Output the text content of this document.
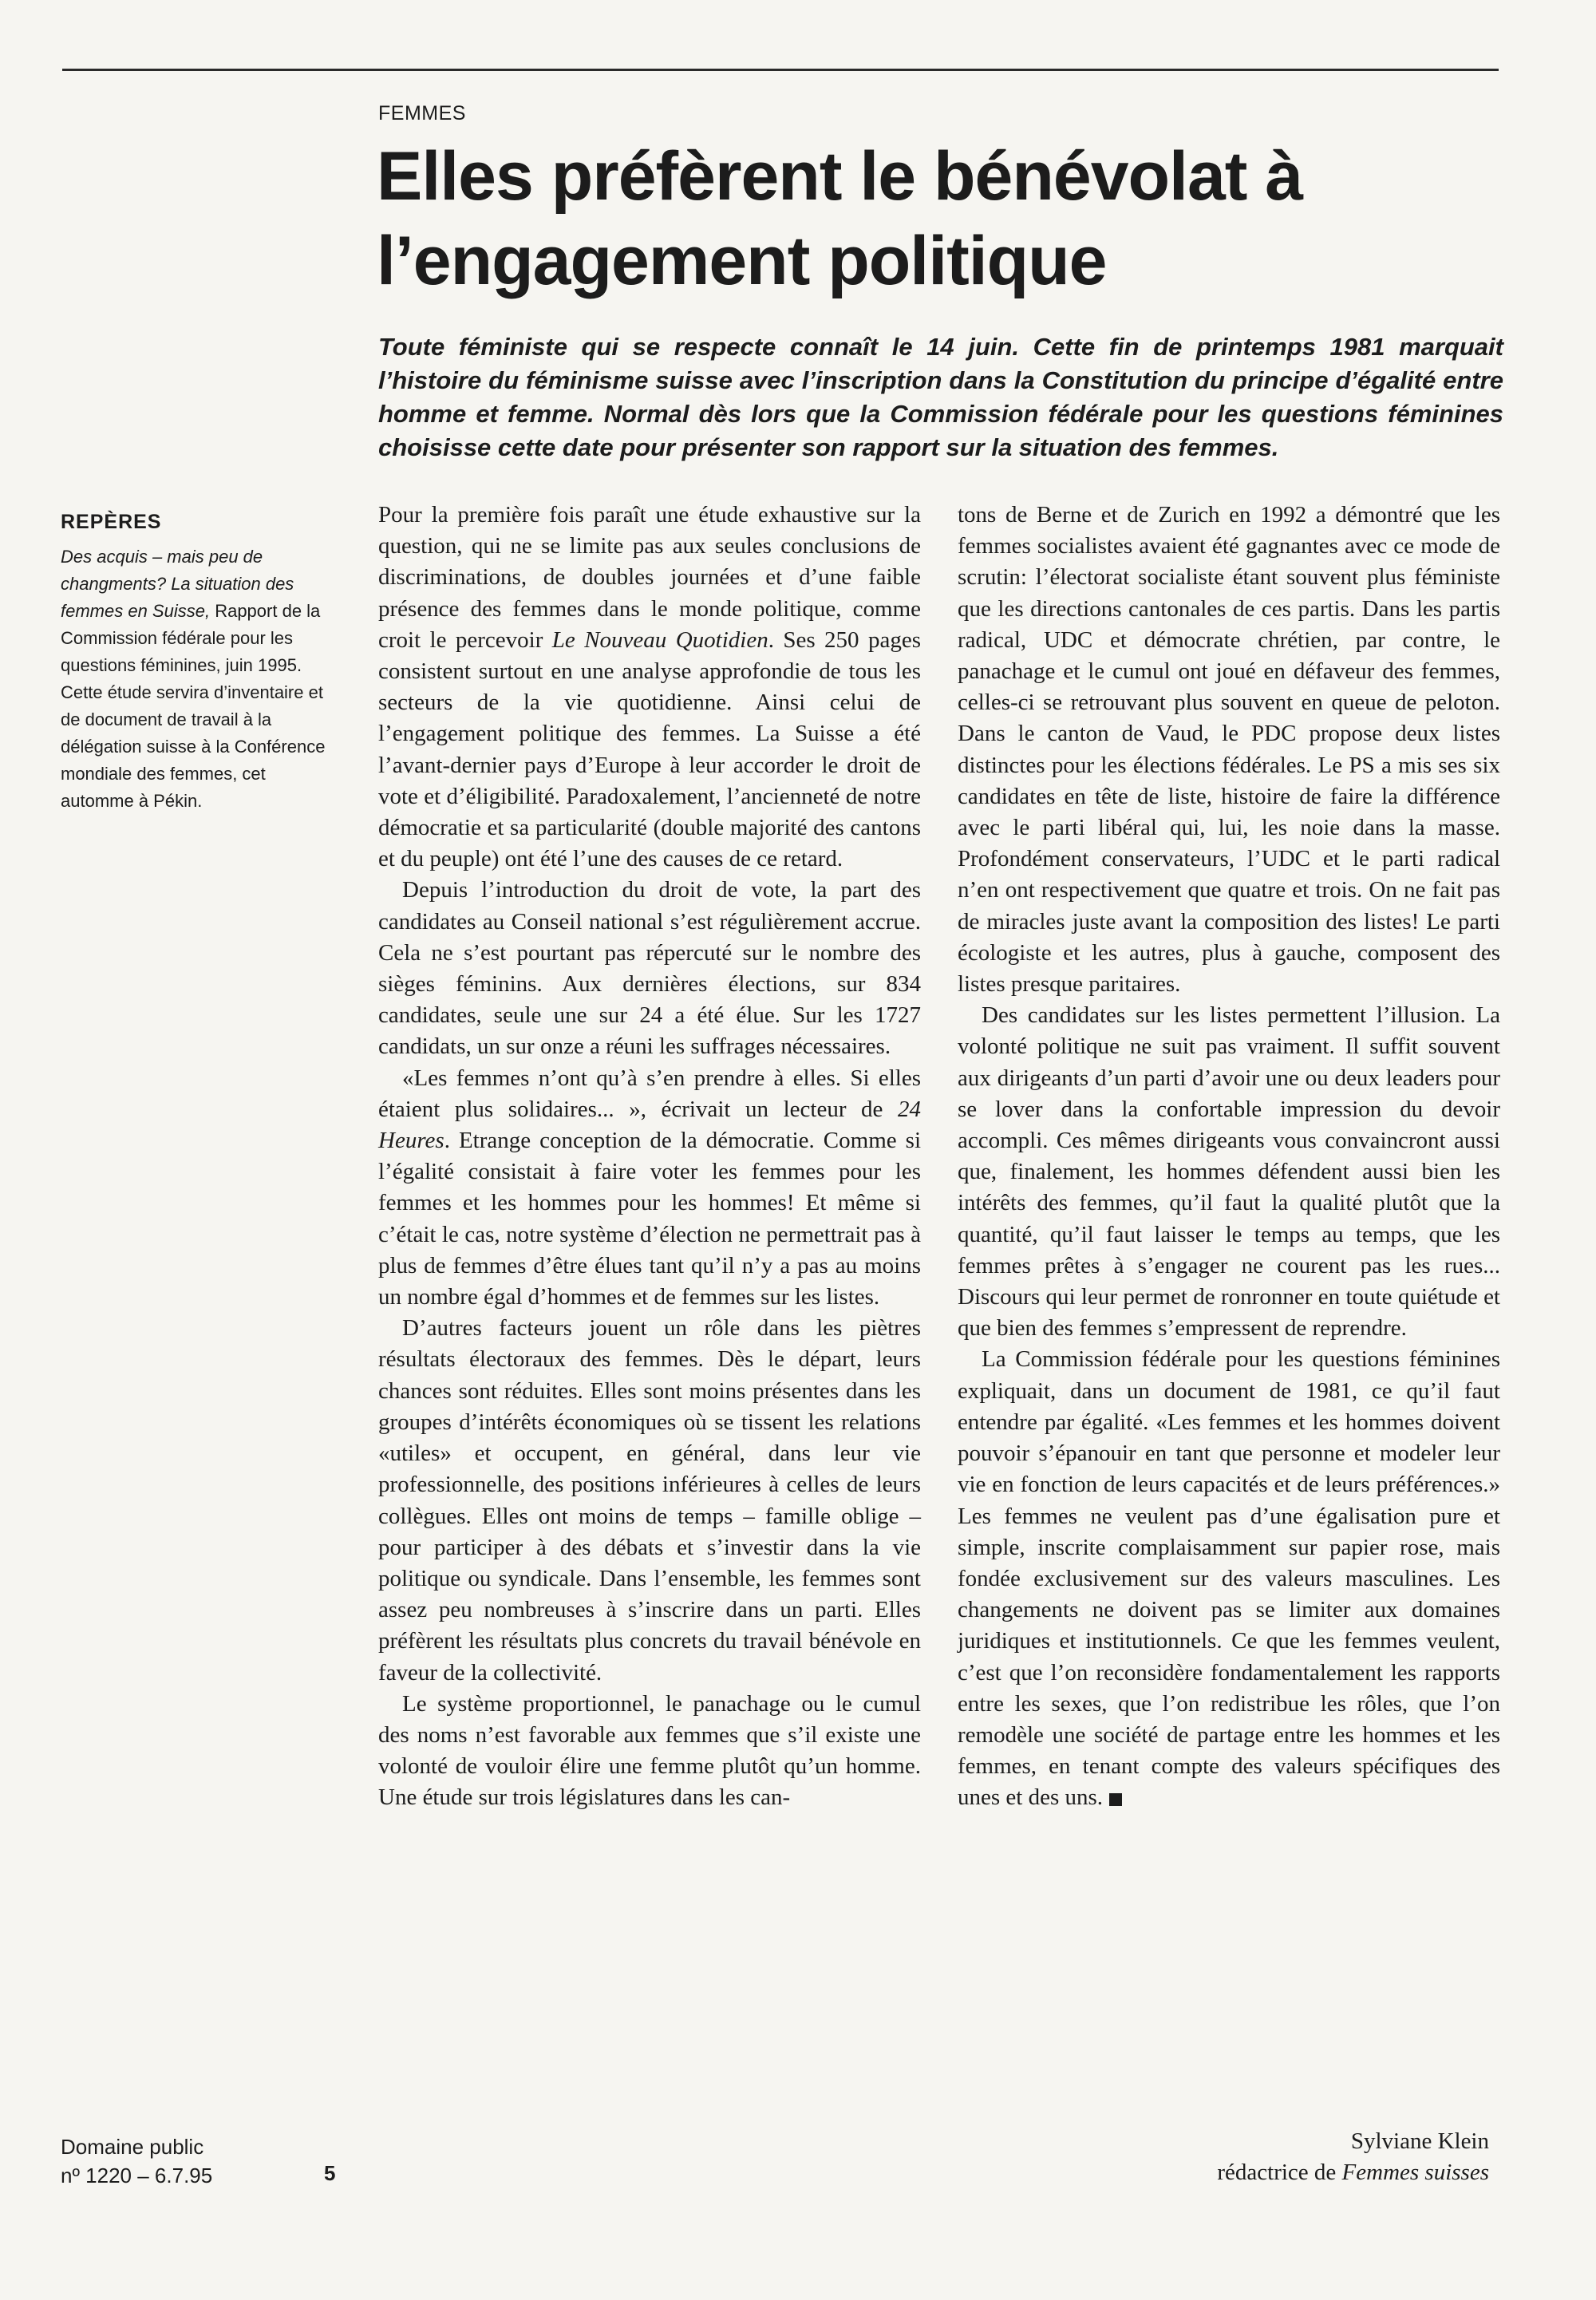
FEMMES
Elles préfèrent le bénévolat à
l’engagement politique

Toute féministe qui se respecte connaît le 14 juin. Cette fin de printemps 1981 marquait l’histoire du féminisme suisse avec l’inscription dans la Constitution du principe d’égalité entre homme et femme. Normal dès lors que la Commission fédérale pour les questions féminines choisisse cette date pour présenter son rapport sur la situation des femmes.

REPÈRES

Des acquis – mais peu de changments? La situation des femmes en Suisse, Rapport de la Commission fédérale pour les questions féminines, juin 1995. Cette étude servira d’inventaire et de document de travail à la délégation suisse à la Conférence mondiale des femmes, cet automme à Pékin.

Pour la première fois paraît une étude exhaustive sur la question, qui ne se limite pas aux seules conclusions de discriminations, de doubles journées et d’une faible présence des femmes dans le monde politique, comme croit le percevoir Le Nouveau Quotidien. Ses 250 pages consistent surtout en une analyse approfondie de tous les secteurs de la vie quotidienne. Ainsi celui de l’engagement politique des femmes. La Suisse a été l’avant-dernier pays d’Europe à leur accorder le droit de vote et d’éligibilité. Paradoxalement, l’ancienneté de notre démocratie et sa particularité (double majorité des cantons et du peuple) ont été l’une des causes de ce retard.

Depuis l’introduction du droit de vote, la part des candidates au Conseil national s’est régulièrement accrue. Cela ne s’est pourtant pas répercuté sur le nombre des sièges féminins. Aux dernières élections, sur 834 candidates, seule une sur 24 a été élue. Sur les 1727 candidats, un sur onze a réuni les suffrages nécessaires.

«Les femmes n’ont qu’à s’en prendre à elles. Si elles étaient plus solidaires... », écrivait un lecteur de 24 Heures. Etrange conception de la démocratie. Comme si l’égalité consistait à faire voter les femmes pour les femmes et les hommes pour les hommes! Et même si c’était le cas, notre système d’élection ne permettrait pas à plus de femmes d’être élues tant qu’il n’y a pas au moins un nombre égal d’hommes et de femmes sur les listes.

D’autres facteurs jouent un rôle dans les piètres résultats électoraux des femmes. Dès le départ, leurs chances sont réduites. Elles sont moins présentes dans les groupes d’intérêts économiques où se tissent les relations «utiles» et occupent, en général, dans leur vie professionnelle, des positions inférieures à celles de leurs collègues. Elles ont moins de temps – famille oblige – pour participer à des débats et s’investir dans la vie politique ou syndicale. Dans l’ensemble, les femmes sont assez peu nombreuses à s’inscrire dans un parti. Elles préfèrent les résultats plus concrets du travail bénévole en faveur de la collectivité.

Le système proportionnel, le panachage ou le cumul des noms n’est favorable aux femmes que s’il existe une volonté de vouloir élire une femme plutôt qu’un homme. Une étude sur trois législatures dans les can-

tons de Berne et de Zurich en 1992 a démontré que les femmes socialistes avaient été gagnantes avec ce mode de scrutin: l’électorat socialiste étant souvent plus féministe que les directions cantonales de ces partis. Dans les partis radical, UDC et démocrate chrétien, par contre, le panachage et le cumul ont joué en défaveur des femmes, celles-ci se retrouvant plus souvent en queue de peloton. Dans le canton de Vaud, le PDC propose deux listes distinctes pour les élections fédérales. Le PS a mis ses six candidates en tête de liste, histoire de faire la différence avec le parti libéral qui, lui, les noie dans la masse. Profondément conservateurs, l’UDC et le parti radical n’en ont respectivement que quatre et trois. On ne fait pas de miracles juste avant la composition des listes! Le parti écologiste et les autres, plus à gauche, composent des listes presque paritaires.

Des candidates sur les listes permettent l’illusion. La volonté politique ne suit pas vraiment. Il suffit souvent aux dirigeants d’un parti d’avoir une ou deux leaders pour se lover dans la confortable impression du devoir accompli. Ces mêmes dirigeants vous convaincront aussi que, finalement, les hommes défendent aussi bien les intérêts des femmes, qu’il faut la qualité plutôt que la quantité, qu’il faut laisser le temps au temps, que les femmes prêtes à s’engager ne courent pas les rues... Discours qui leur permet de ronronner en toute quiétude et que bien des femmes s’empressent de reprendre.

La Commission fédérale pour les questions féminines expliquait, dans un document de 1981, ce qu’il faut entendre par égalité. «Les femmes et les hommes doivent pouvoir s’épanouir en tant que personne et modeler leur vie en fonction de leurs capacités et de leurs préférences.» Les femmes ne veulent pas d’une égalisation pure et simple, inscrite complaisamment sur papier rose, mais fondée exclusivement sur des valeurs masculines. Les changements ne doivent pas se limiter aux domaines juridiques et institutionnels. Ce que les femmes veulent, c’est que l’on reconsidère fondamentalement les rapports entre les sexes, que l’on redistribue les rôles, que l’on remodèle une société de partage entre les hommes et les femmes, en tenant compte des valeurs spécifiques des unes et des uns.

Sylviane Klein
rédactrice de Femmes suisses
Domaine public
nº 1220 – 6.7.95	5
